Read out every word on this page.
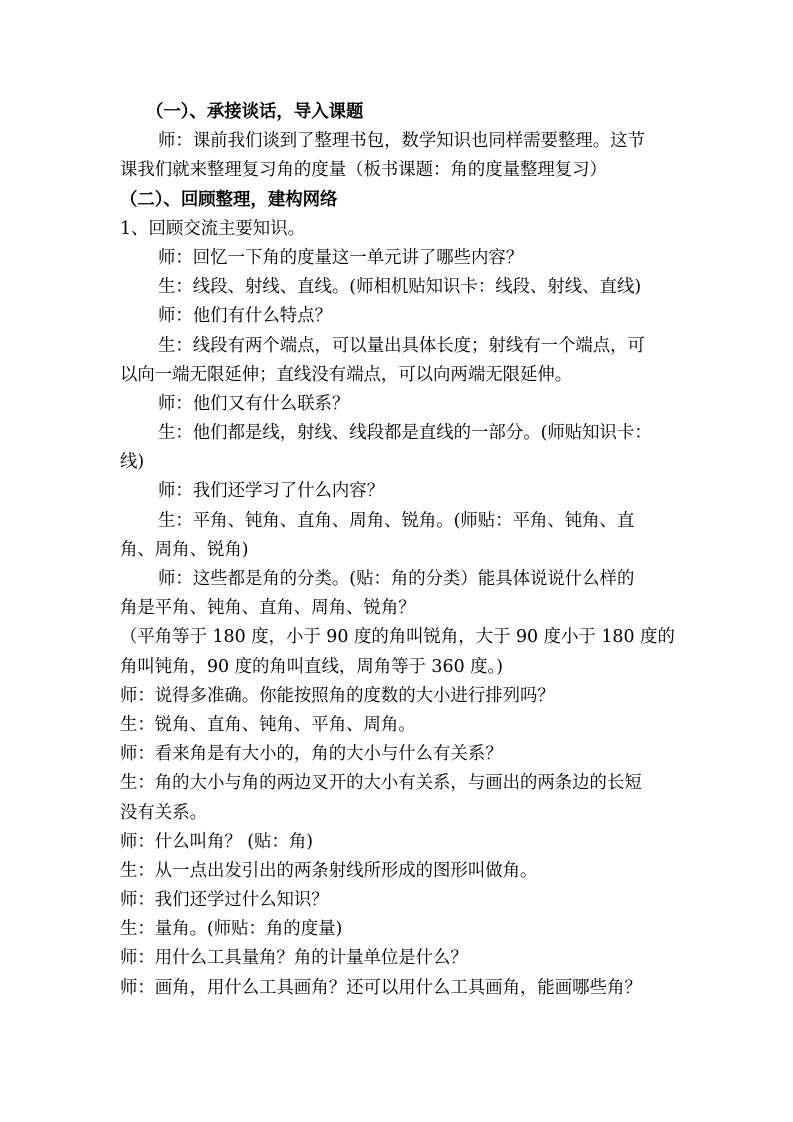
（一）、承接谈话，导入课题
师：课前我们谈到了整理书包，数学知识也同样需要整理。这节
课我们就来整理复习角的度量（板书课题：角的度量整理复习）
（二）、回顾整理，建构网络
1、回顾交流主要知识。
师：回忆一下角的度量这一单元讲了哪些内容？
生：线段、射线、直线。(师相机贴知识卡：线段、射线、直线)
师：他们有什么特点？
生：线段有两个端点，可以量出具体长度；射线有一个端点，可
以向一端无限延伸；直线没有端点，可以向两端无限延伸。
师：他们又有什么联系？
生：他们都是线，射线、线段都是直线的一部分。(师贴知识卡：
线)
师：我们还学习了什么内容？
生：平角、钝角、直角、周角、锐角。(师贴：平角、钝角、直
角、周角、锐角)
师：这些都是角的分类。(贴：角的分类）能具体说说什么样的
角是平角、钝角、直角、周角、锐角？
（平角等于 180 度，小于 90 度的角叫锐角，大于 90 度小于 180 度的
角叫钝角，90 度的角叫直线，周角等于 360 度。)
师：说得多准确。你能按照角的度数的大小进行排列吗？
生：锐角、直角、钝角、平角、周角。
师：看来角是有大小的，角的大小与什么有关系？
生：角的大小与角的两边叉开的大小有关系，与画出的两条边的长短
没有关系。
师：什么叫角？ (贴：角)
生：从一点出发引出的两条射线所形成的图形叫做角。
师：我们还学过什么知识？
生：量角。(师贴：角的度量)
师：用什么工具量角？角的计量单位是什么？
师：画角，用什么工具画角？还可以用什么工具画角，能画哪些角？
